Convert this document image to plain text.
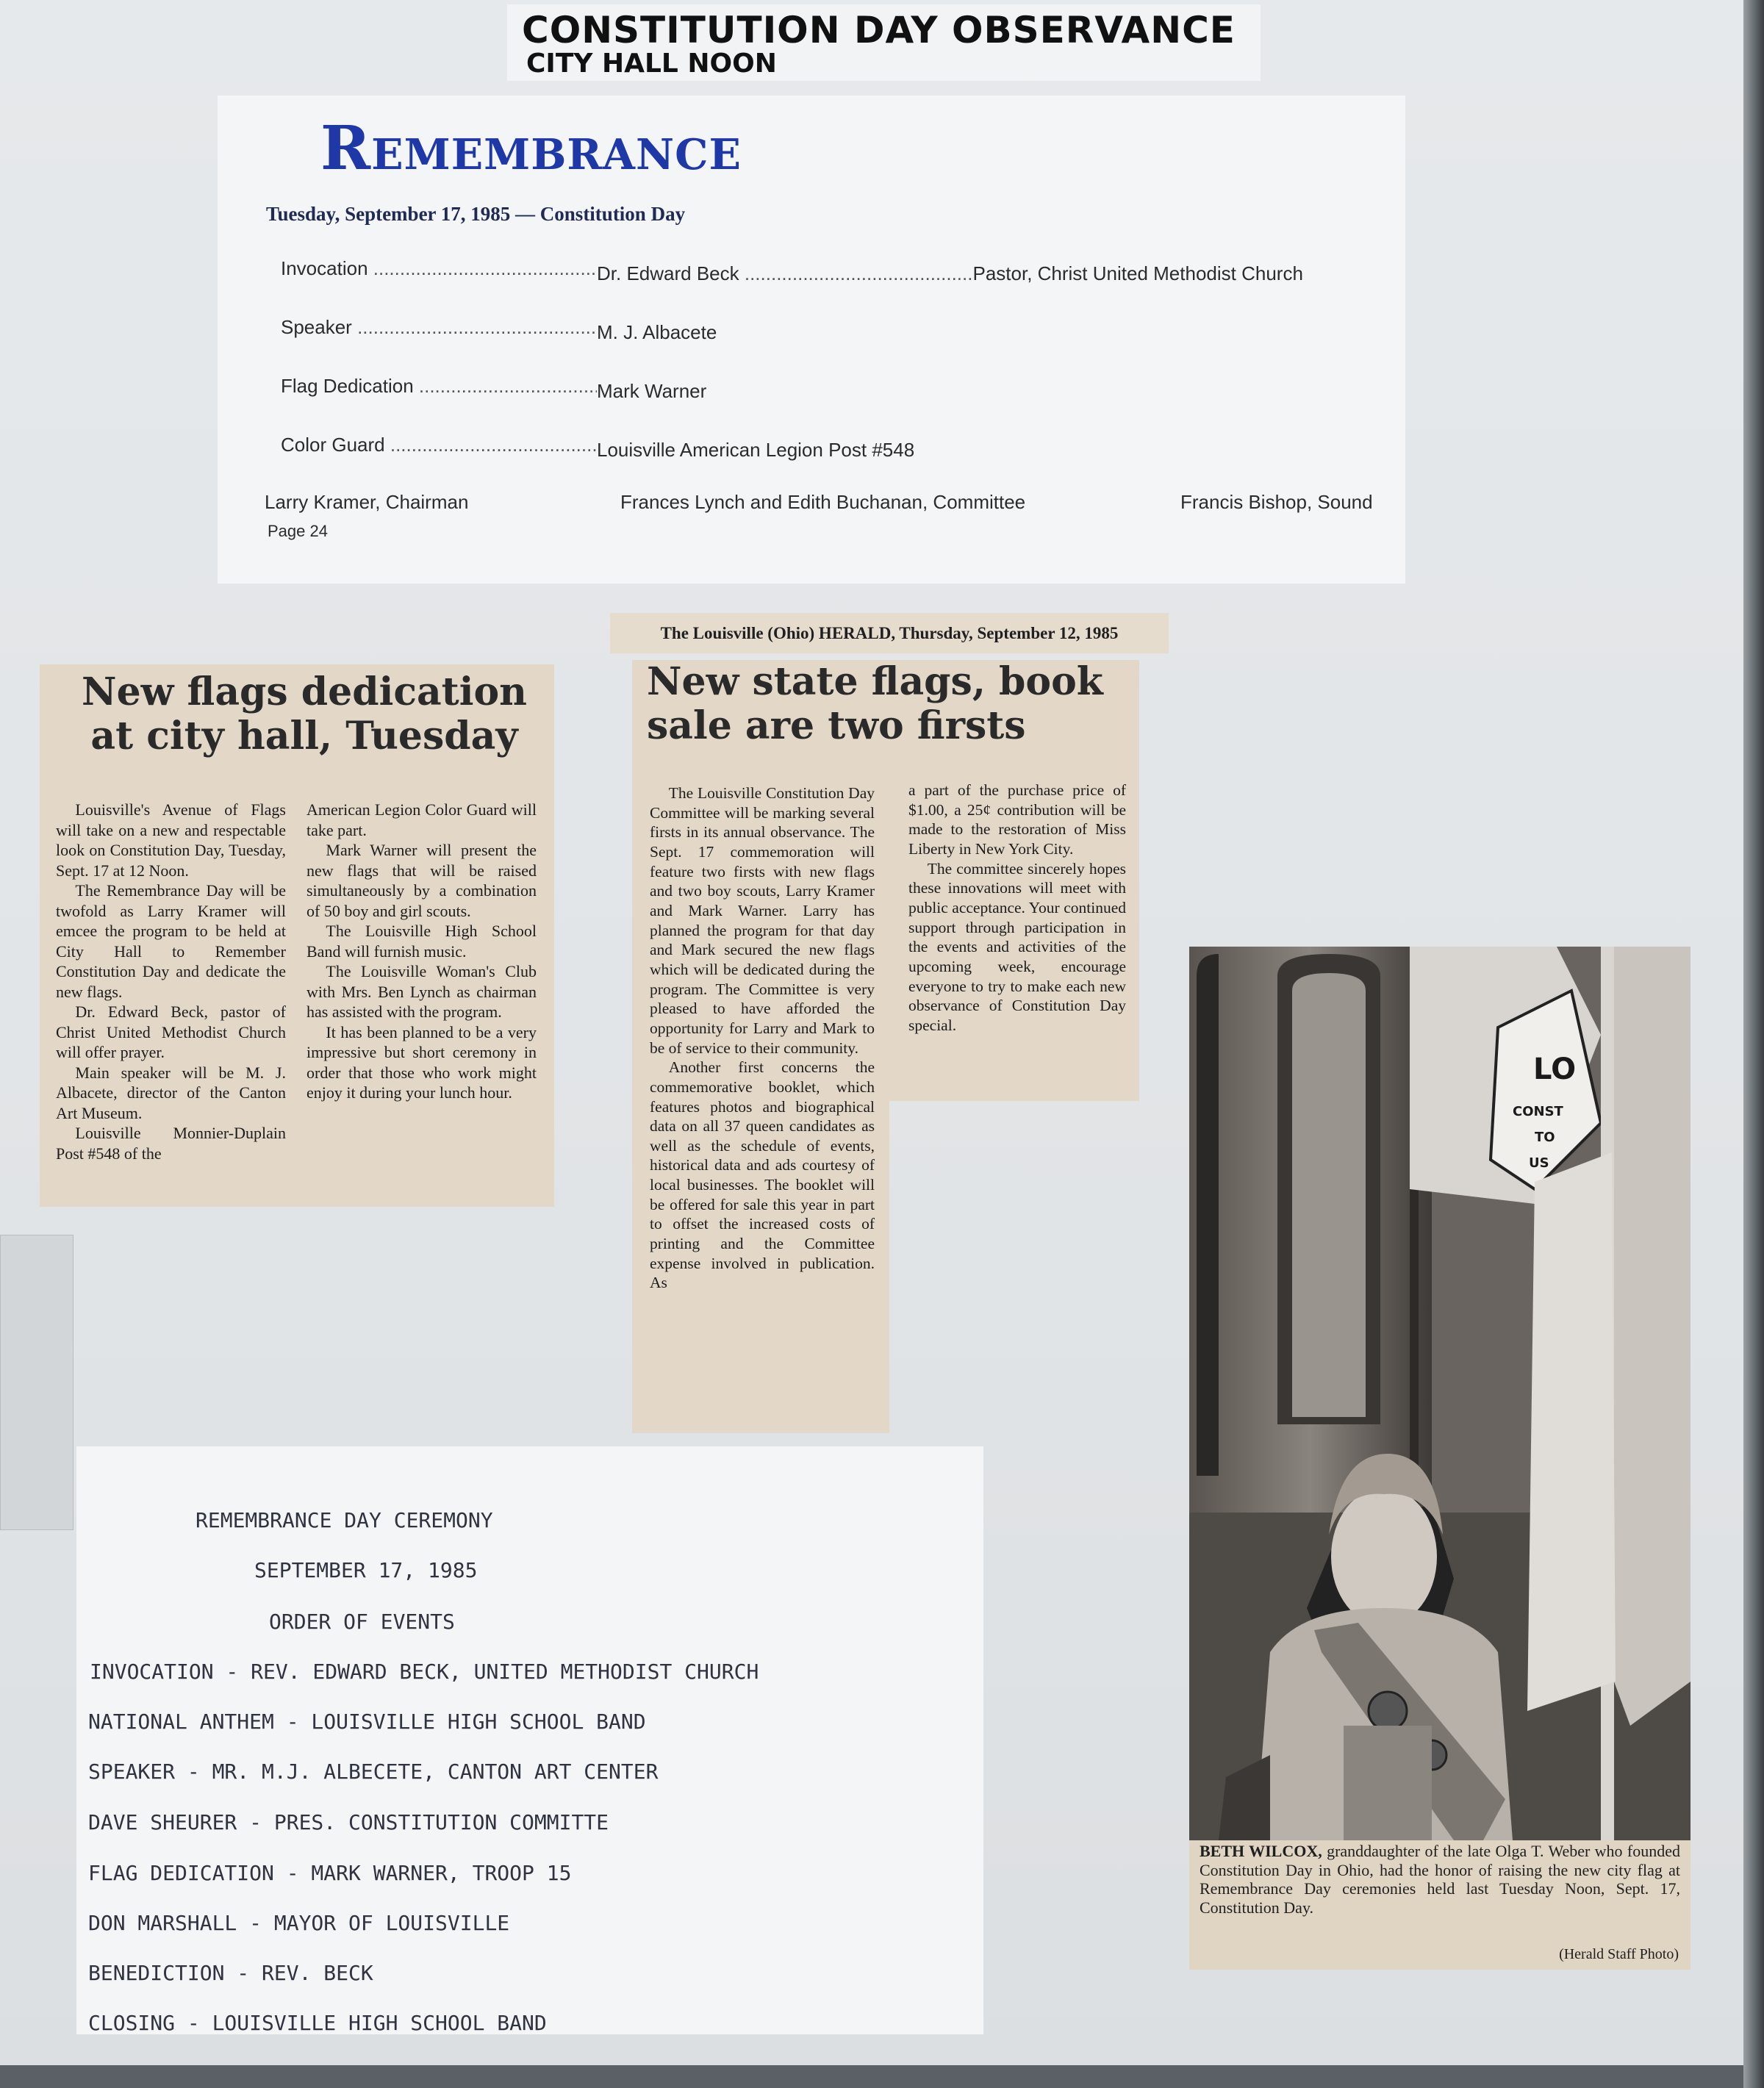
CONSTITUTION DAY OBSERVANCE
CITY HALL NOON
Remembrance
Tuesday, September 17, 1985 — Constitution Day
Invocation .....	Dr. Edward Beck .....	Pastor, Christ United Methodist Church
Speaker .....	M. J. Albacete
Flag Dedication .....	Mark Warner
Color Guard .....	Louisville American Legion Post #548
Larry Kramer, Chairman	Frances Lynch and Edith Buchanan, Committee	Francis Bishop, Sound
Page 24
New flags dedication at city hall, Tuesday

Louisville's Avenue of Flags will take on a new and respectable look on Constitution Day, Tuesday, Sept. 17 at 12 Noon.

The Remembrance Day will be twofold as Larry Kramer will emcee the program to be held at City Hall to Remember Constitution Day and dedicate the new flags.

Dr. Edward Beck, pastor of Christ United Methodist Church will offer prayer.

Main speaker will be M. J. Albacete, director of the Canton Art Museum.

Louisville Monnier-Duplain Post #548 of the

American Legion Color Guard will take part.

Mark Warner will present the new flags that will be raised simultaneously by a combination of 50 boy and girl scouts.

The Louisville High School Band will furnish music.

The Louisville Woman's Club with Mrs. Ben Lynch as chairman has assisted with the program.

It has been planned to be a very impressive but short ceremony in order that those who work might enjoy it during your lunch hour.

The Louisville (Ohio) HERALD, Thursday, September 12, 1985
New state flags, book sale are two firsts

The Louisville Constitution Day Committee will be marking several firsts in its annual observance. The Sept. 17 commemoration will feature two firsts with new flags and two boy scouts, Larry Kramer and Mark Warner. Larry has planned the program for that day and Mark secured the new flags which will be dedicated during the program. The Committee is very pleased to have afforded the opportunity for Larry and Mark to be of service to their community.

Another first concerns the commemorative booklet, which features photos and biographical data on all 37 queen candidates as well as the schedule of events, historical data and ads courtesy of local businesses. The booklet will be offered for sale this year in part to offset the increased costs of printing and the Committee expense involved in publication. As

a part of the purchase price of $1.00, a 25¢ contribution will be made to the restoration of Miss Liberty in New York City.

The committee sincerely hopes these innovations will meet with public acceptance. Your continued support through participation in the events and activities of the upcoming week, encourage everyone to try to make each new observance of Constitution Day special.

LO
CONST
TO
US
BETH WILCOX, granddaughter of the late Olga T. Weber who founded Constitution Day in Ohio, had the honor of raising the new city flag at Remembrance Day ceremonies held last Tuesday Noon, Sept. 17, Constitution Day.
(Herald Staff Photo)
REMEMBRANCE DAY CEREMONY
SEPTEMBER 17, 1985
ORDER OF EVENTS
INVOCATION - REV. EDWARD BECK, UNITED METHODIST CHURCH
NATIONAL ANTHEM - LOUISVILLE HIGH SCHOOL BAND
SPEAKER - MR. M.J. ALBECETE, CANTON ART CENTER
DAVE SHEURER - PRES. CONSTITUTION COMMITTE
FLAG DEDICATION - MARK WARNER, TROOP 15
DON MARSHALL - MAYOR OF LOUISVILLE
BENEDICTION - REV. BECK
CLOSING - LOUISVILLE HIGH SCHOOL BAND
